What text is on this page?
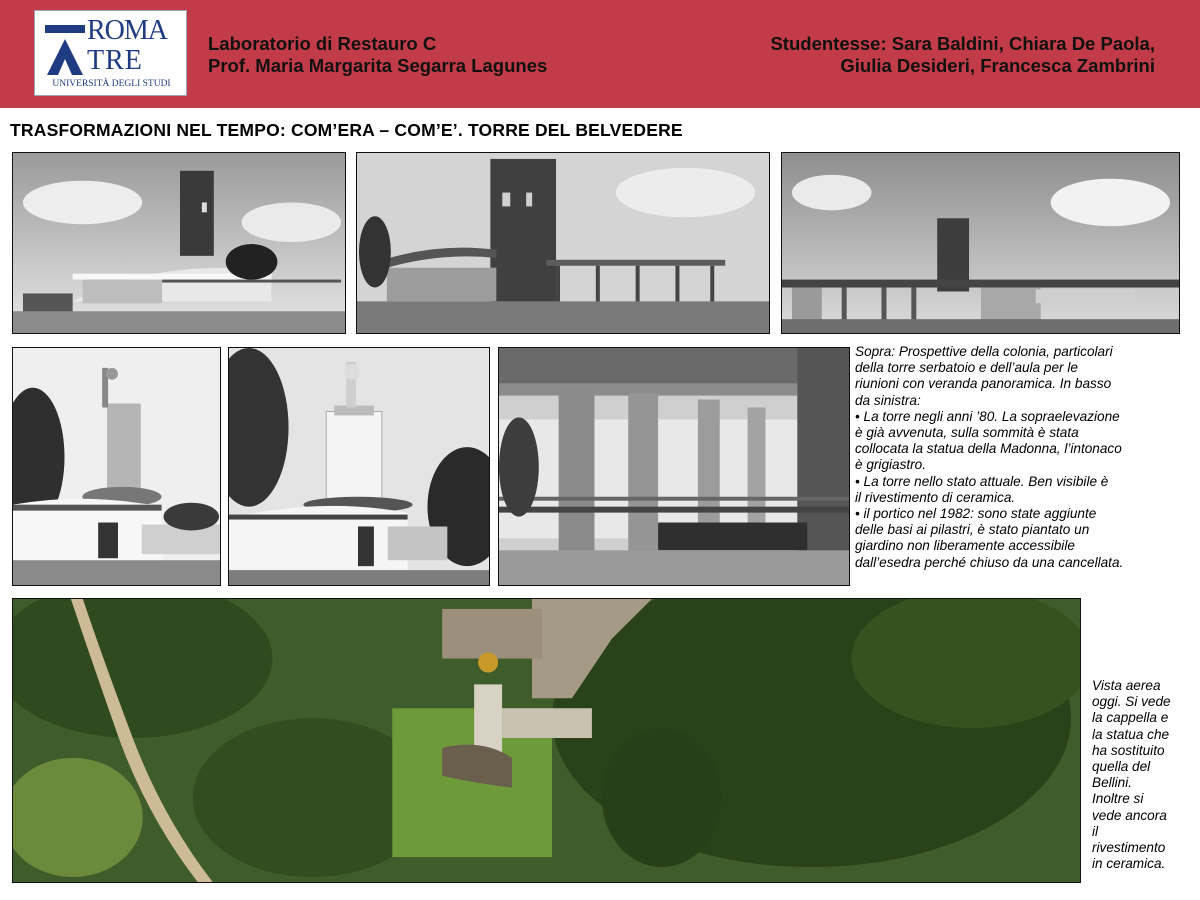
ROMA
TRE
UNIVERSITÀ DEGLI STUDI
Laboratorio di Restauro C
Prof. Maria Margarita Segarra Lagunes
Studentesse: Sara Baldini, Chiara De Paola,
Giulia Desideri, Francesca Zambrini
TRASFORMAZIONI NEL TEMPO: COM’ERA – COM’E’. TORRE DEL BELVEDERE
Sopra: Prospettive della colonia, particolari
della torre serbatoio e dell’aula per le
riunioni con veranda panoramica. In basso
da sinistra:
• La torre negli anni ’80. La sopraelevazione
è già avvenuta, sulla sommità è stata
collocata la statua della Madonna, l’intonaco
è grigiastro.
• La torre nello stato attuale. Ben visibile è
il rivestimento di ceramica.
• il portico nel 1982: sono state aggiunte
delle basi ai pilastri, è stato piantato un
giardino non liberamente accessibile
dall’esedra perché chiuso da una cancellata.
Vista aerea
oggi. Si vede
la cappella e
la statua che
ha sostituito
quella del
Bellini.
Inoltre si
vede ancora
il
rivestimento
in ceramica.
